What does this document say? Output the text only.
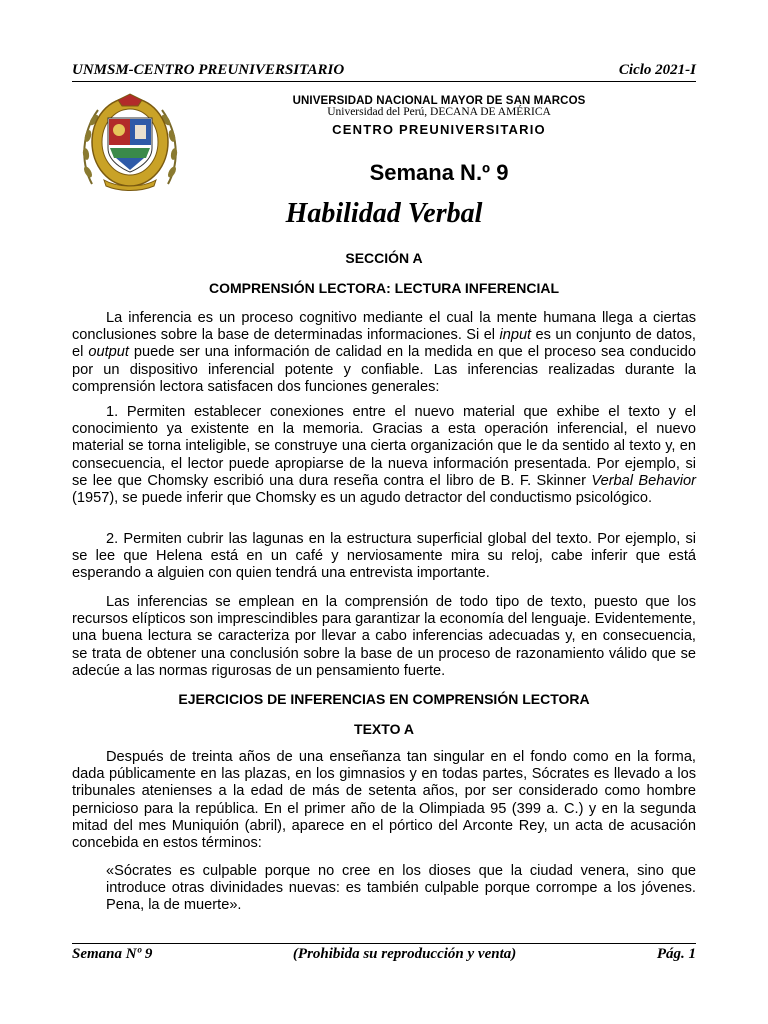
UNMSM-CENTRO PREUNIVERSITARIO	Ciclo 2021-I
UNIVERSIDAD NACIONAL MAYOR DE SAN MARCOS
Universidad del Perú, DECANA DE AMÉRICA
CENTRO PREUNIVERSITARIO
Semana N.º 9
Habilidad Verbal
SECCIÓN A
COMPRENSIÓN LECTORA: LECTURA INFERENCIAL

La inferencia es un proceso cognitivo mediante el cual la mente humana llega a ciertas conclusiones sobre la base de determinadas informaciones. Si el input es un conjunto de datos, el output puede ser una información de calidad en la medida en que el proceso sea conducido por un dispositivo inferencial potente y confiable. Las inferencias realizadas durante la comprensión lectora satisfacen dos funciones generales:

1. Permiten establecer conexiones entre el nuevo material que exhibe el texto y el conocimiento ya existente en la memoria. Gracias a esta operación inferencial, el nuevo material se torna inteligible, se construye una cierta organización que le da sentido al texto y, en consecuencia, el lector puede apropiarse de la nueva información presentada. Por ejemplo, si se lee que Chomsky escribió una dura reseña contra el libro de B. F. Skinner Verbal Behavior (1957), se puede inferir que Chomsky es un agudo detractor del conductismo psicológico.

2. Permiten cubrir las lagunas en la estructura superficial global del texto. Por ejemplo, si se lee que Helena está en un café y nerviosamente mira su reloj, cabe inferir que está esperando a alguien con quien tendrá una entrevista importante.

Las inferencias se emplean en la comprensión de todo tipo de texto, puesto que los recursos elípticos son imprescindibles para garantizar la economía del lenguaje. Evidentemente, una buena lectura se caracteriza por llevar a cabo inferencias adecuadas y, en consecuencia, se trata de obtener una conclusión sobre la base de un proceso de razonamiento válido que se adecúe a las normas rigurosas de un pensamiento fuerte.

EJERCICIOS DE INFERENCIAS EN COMPRENSIÓN LECTORA
TEXTO A

Después de treinta años de una enseñanza tan singular en el fondo como en la forma, dada públicamente en las plazas, en los gimnasios y en todas partes, Sócrates es llevado a los tribunales atenienses a la edad de más de setenta años, por ser considerado como hombre pernicioso para la república. En el primer año de la Olimpiada 95 (399 a. C.) y en la segunda mitad del mes Muniquión (abril), aparece en el pórtico del Arconte Rey, un acta de acusación concebida en estos términos:

«Sócrates es culpable porque no cree en los dioses que la ciudad venera, sino que introduce otras divinidades nuevas: es también culpable porque corrompe a los jóvenes. Pena, la de muerte».

Semana Nº 9	(Prohibida su reproducción y venta)	Pág. 1
